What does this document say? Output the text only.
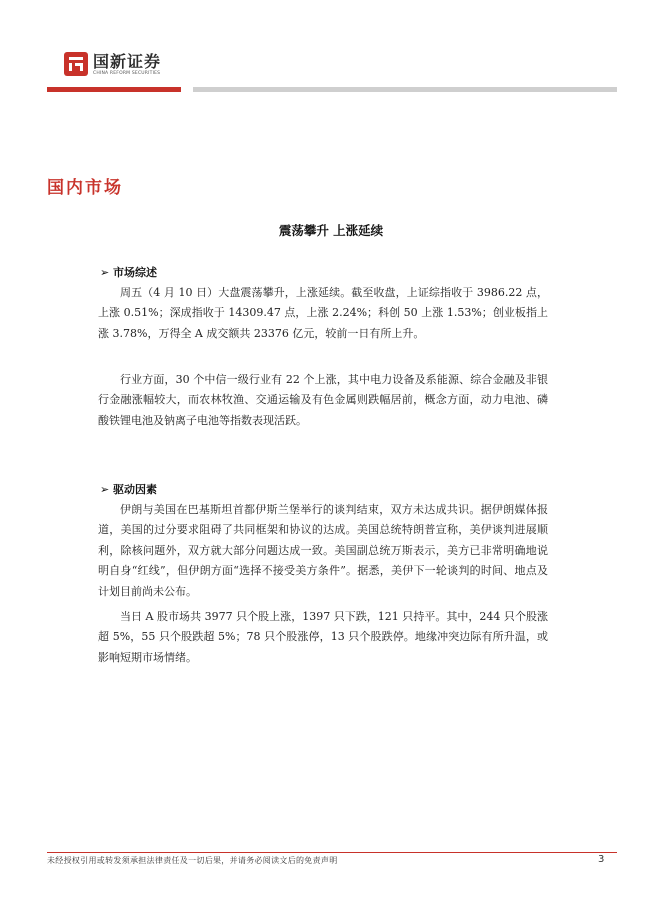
国新证券
CHINA REFORM SECURITIES
国内市场
震荡攀升 上涨延续
➢ 市场综述

周五（4 月 10 日）大盘震荡攀升，上涨延续。截至收盘，上证综指收于 3986.22 点，上涨 0.51%；深成指收于 14309.47 点，上涨 2.24%；科创 50 上涨 1.53%；创业板指上涨 3.78%，万得全 A 成交额共 23376 亿元，较前一日有所上升。

行业方面，30 个中信一级行业有 22 个上涨，其中电力设备及系能源、综合金融及非银行金融涨幅较大，而农林牧渔、交通运输及有色金属则跌幅居前，概念方面，动力电池、磷酸铁锂电池及钠离子电池等指数表现活跃。

➢ 驱动因素

伊朗与美国在巴基斯坦首都伊斯兰堡举行的谈判结束，双方未达成共识。据伊朗媒体报道，美国的过分要求阻碍了共同框架和协议的达成。美国总统特朗普宣称，美伊谈判进展顺利，除核问题外，双方就大部分问题达成一致。美国副总统万斯表示，美方已非常明确地说明自身“红线”，但伊朗方面“选择不接受美方条件”。据悉，美伊下一轮谈判的时间、地点及计划目前尚未公布。

当日 A 股市场共 3977 只个股上涨，1397 只下跌，121 只持平。其中，244 只个股涨超 5%，55 只个股跌超 5%；78 只个股涨停，13 只个股跌停。地缘冲突边际有所升温，或影响短期市场情绪。

未经授权引用或转发须承担法律责任及一切后果，并请务必阅读文后的免责声明	3
